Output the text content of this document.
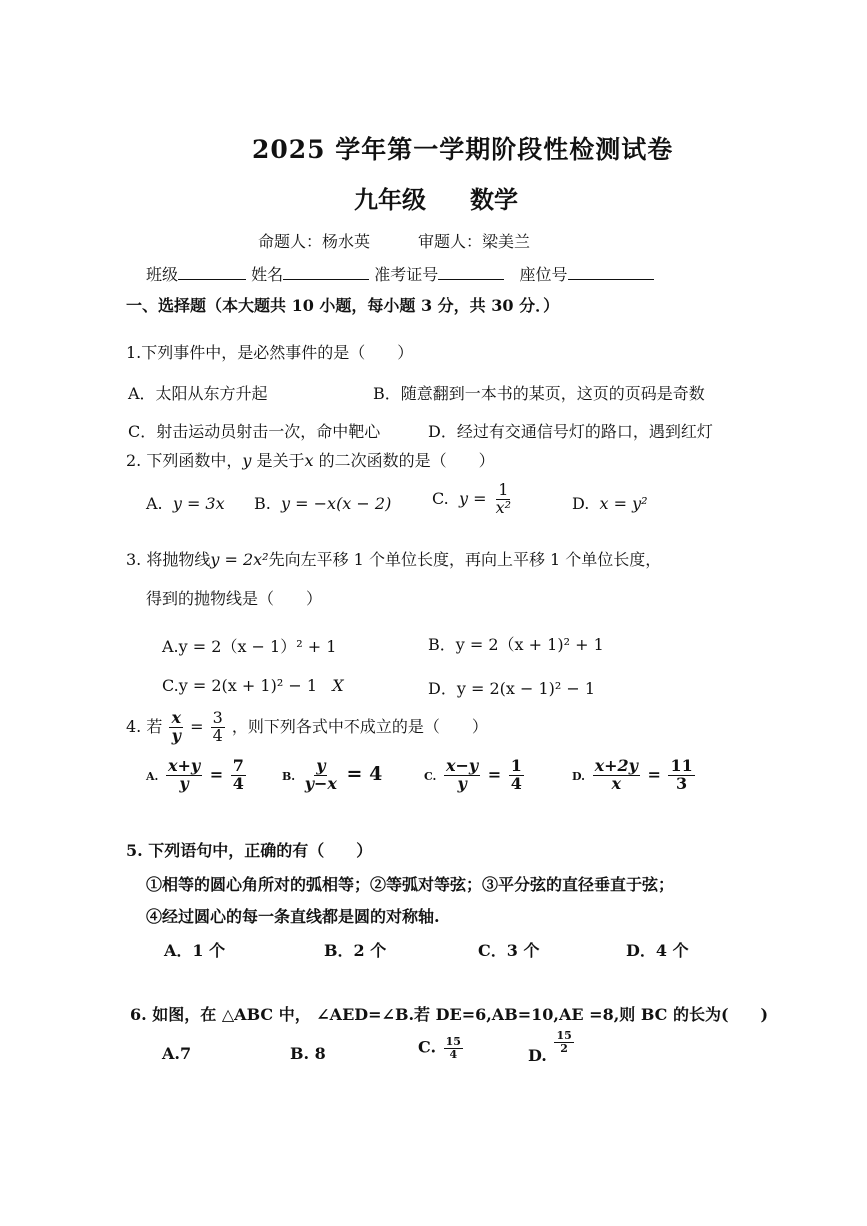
2025 学年第一学期阶段性检测试卷
九年级 数学
命题人：杨水英	审题人：梁美兰
班级	姓名	准考证号	座位号
一、选择题（本大题共 10 小题，每小题 3 分，共 30 分．）
1.下列事件中，是必然事件的是（　　）
A．太阳从东方升起	B．随意翻到一本书的某页，这页的页码是奇数
C．射击运动员射击一次，命中靶心	D．经过有交通信号灯的路口，遇到红灯
2. 下列函数中，y 是关于x 的二次函数的是（　　）
A. y = 3x B. y = −x(x − 2)	C. $y = \frac{1}{\text{x²}}$	D. x = y²
3. 将抛物线y = 2x²先向左平移 1 个单位长度，再向上平移 1 个单位长度，
得到的抛物线是（　　）
A.y = 2（x − 1）² + 1	B．y = 2（x + 1)² + 1
C.y = 2(x + 1)² − 1 X	D．y = 2(x − 1)² − 1
4. 若 $\frac{x}{y} = \frac{3}{4}$ ，则下列各式中不成立的是（　　）
A. $\frac{x+y}{y} = \frac{7}{4}$	B. $\frac{y}{y-x} = 4$	C. $\frac{x-y}{y} = \frac{1}{4}$	D. $\frac{x+2y}{x} = \frac{11}{3}$
5. 下列语句中，正确的有（　　）
①相等的圆心角所对的弧相等；②等弧对等弦；③平分弦的直径垂直于弦；
④经过圆心的每一条直线都是圆的对称轴.
A．1 个	B．2 个	C．3 个	D．4 个
6. 如图，在 △ABC 中， ∠AED=∠B.若 DE=6,AB=10,AE =8,则 BC 的长为(　　)
A.7	B. 8	C. $\frac{15}{4}$	D.
$\frac{15}{2}$
